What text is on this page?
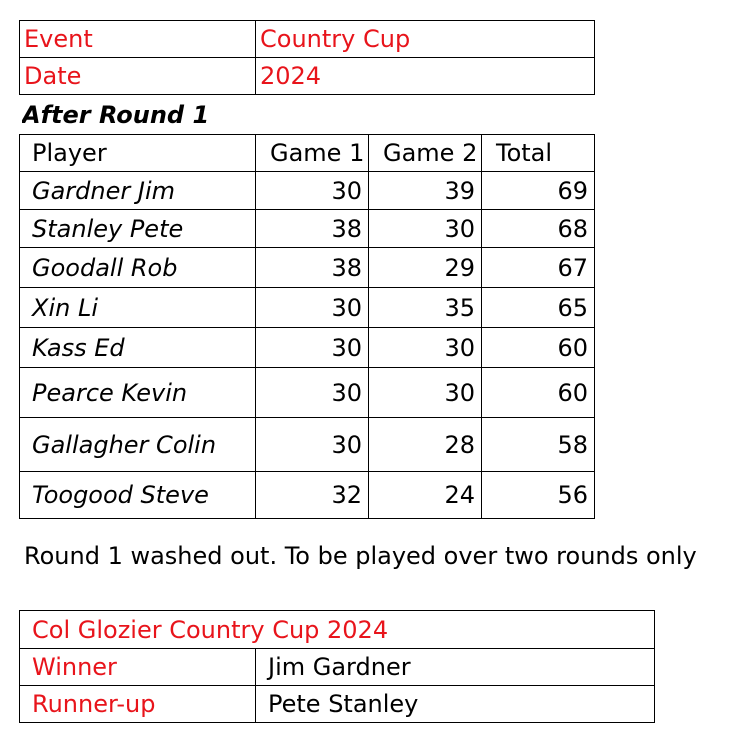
Event	Country Cup
Date	2024
After Round 1
Player	Game 1	Game 2	Total
Gardner Jim	30	39	69
Stanley Pete	38	30	68
Goodall Rob	38	29	67
Xin Li	30	35	65
Kass Ed	30	30	60
Pearce Kevin	30	30	60
Gallagher Colin	30	28	58
Toogood Steve	32	24	56
Round 1 washed out. To be played over two rounds only
Col Glozier Country Cup 2024	
Winner	Jim Gardner
Runner-up	Pete Stanley
